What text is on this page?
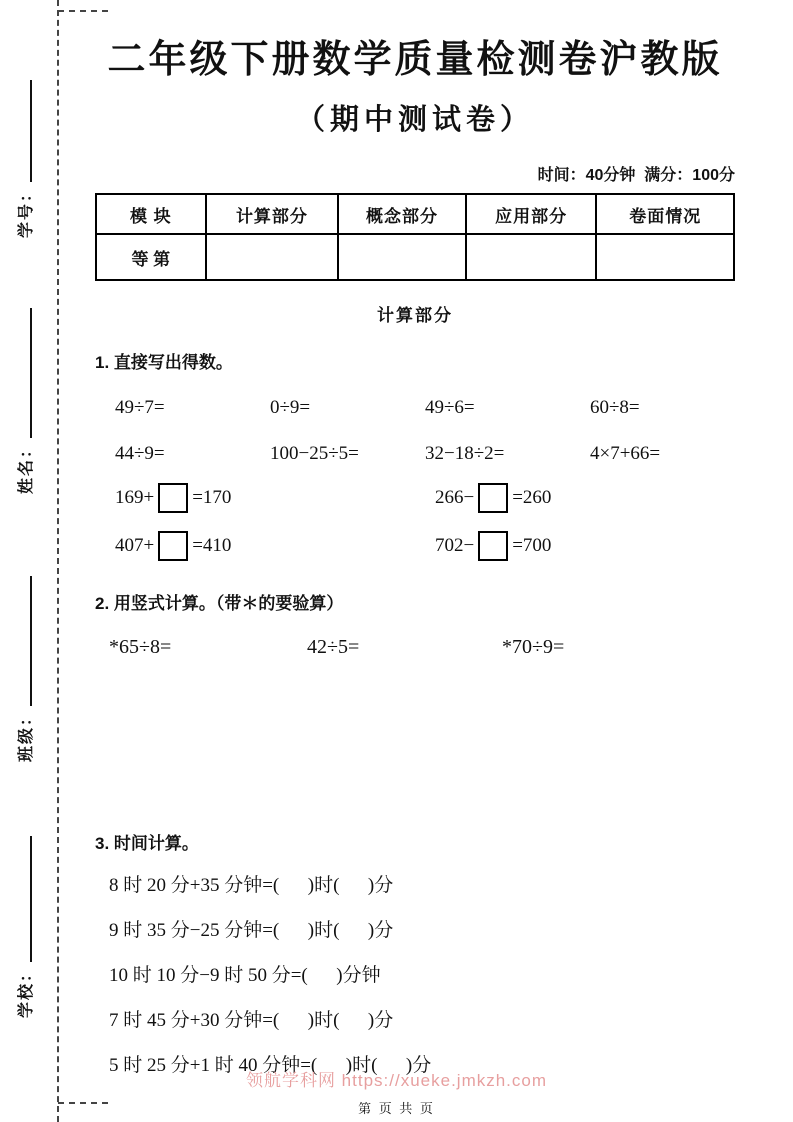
学号：
姓名：
班级：
学校：
二年级下册数学质量检测卷沪教版
（期中测试卷）
时间：40分钟  满分：100分
模 块	计算部分	概念部分	应用部分	卷面情况
等 第				
计算部分
1. 直接写出得数。
49÷7=	0÷9=	49÷6=	60÷8=
44÷9=	100−25÷5=	32−18÷2=	4×7+66=
169+ =170	266− =260
407+ =410	702− =700
2. 用竖式计算。（带＊的要验算）
*65÷8=	42÷5=	*70÷9=
3. 时间计算。
8 时 20 分+35 分钟=(      )时(      )分
9 时 35 分−25 分钟=(      )时(      )分
10 时 10 分−9 时 50 分=(      )分钟
7 时 45 分+30 分钟=(      )时(      )分
5 时 25 分+1 时 40 分钟=(      )时(      )分
领航学科网 https://xueke.jmkzh.com
第 页 共 页
